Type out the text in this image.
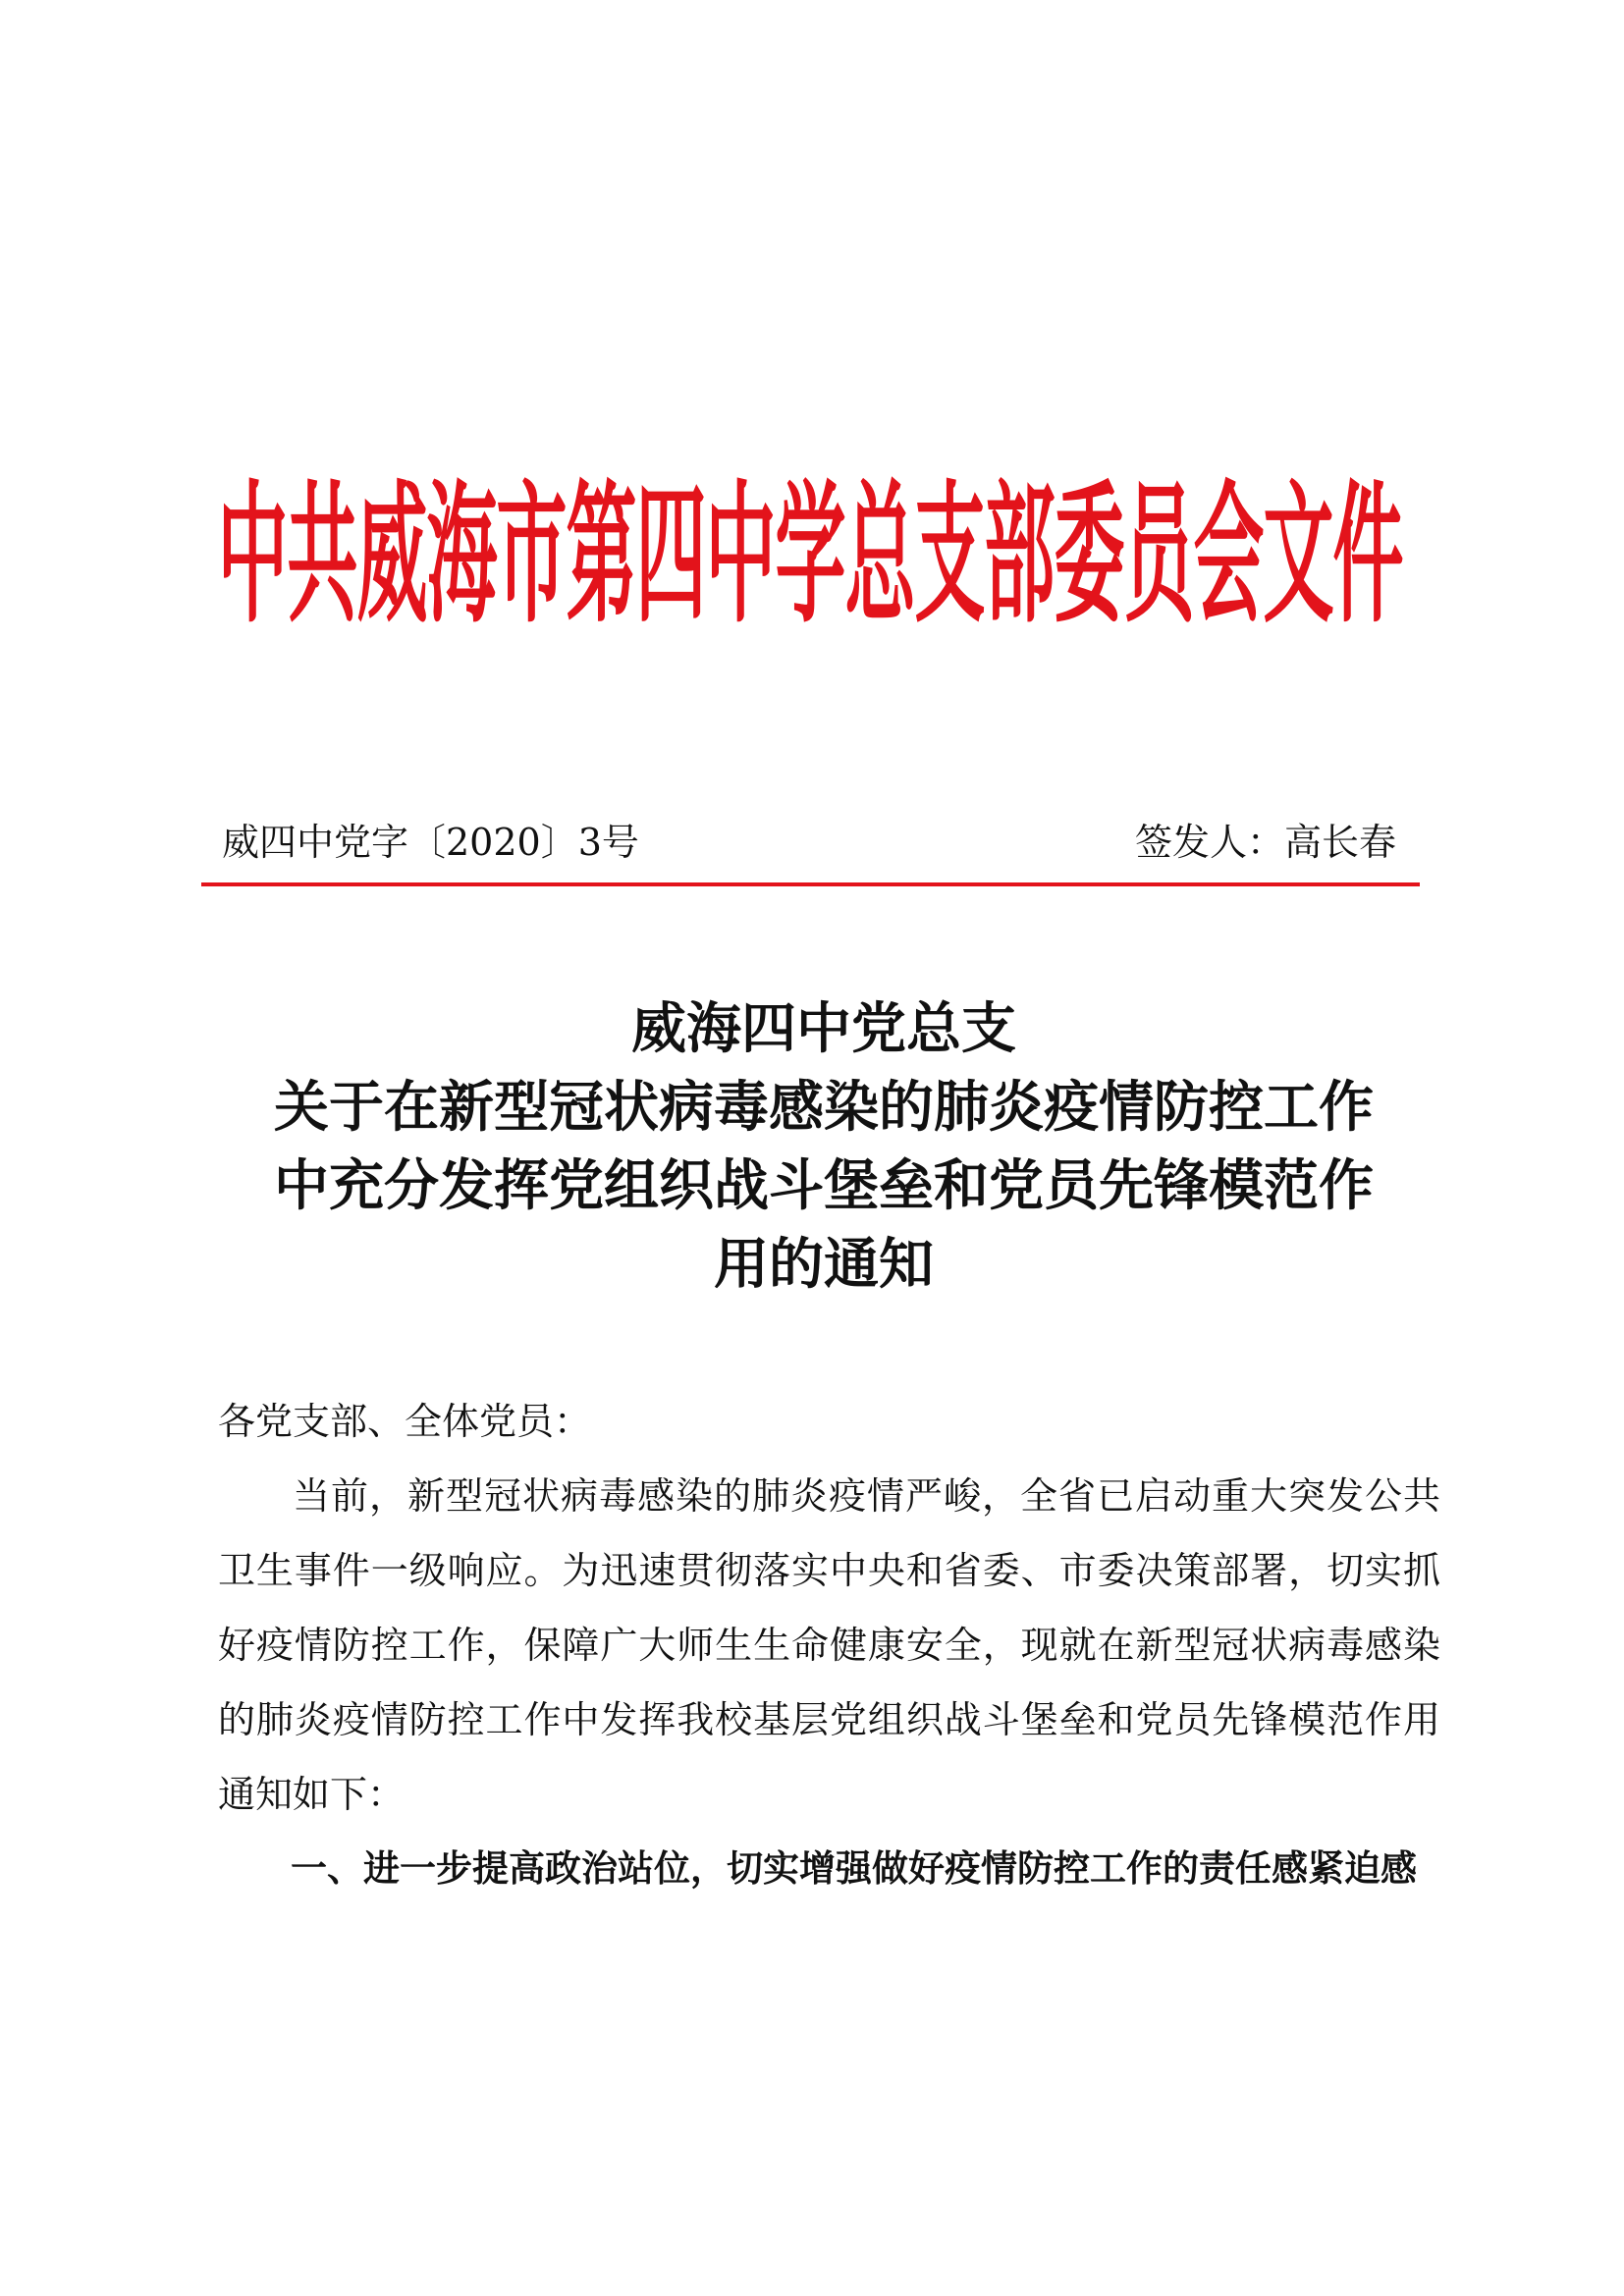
中共威海市第四中学总支部委员会文件
威四中党字〔2020〕3号	签发人：高长春
威海四中党总支
关于在新型冠状病毒感染的肺炎疫情防控工作
中充分发挥党组织战斗堡垒和党员先锋模范作
用的通知

各党支部、全体党员：

当前，新型冠状病毒感染的肺炎疫情严峻，全省已启动重大突发公共卫生事件一级响应。为迅速贯彻落实中央和省委、市委决策部署，切实抓好疫情防控工作，保障广大师生生命健康安全，现就在新型冠状病毒感染的肺炎疫情防控工作中发挥我校基层党组织战斗堡垒和党员先锋模范作用通知如下：

一、进一步提高政治站位，切实增强做好疫情防控工作的责任感紧迫感
